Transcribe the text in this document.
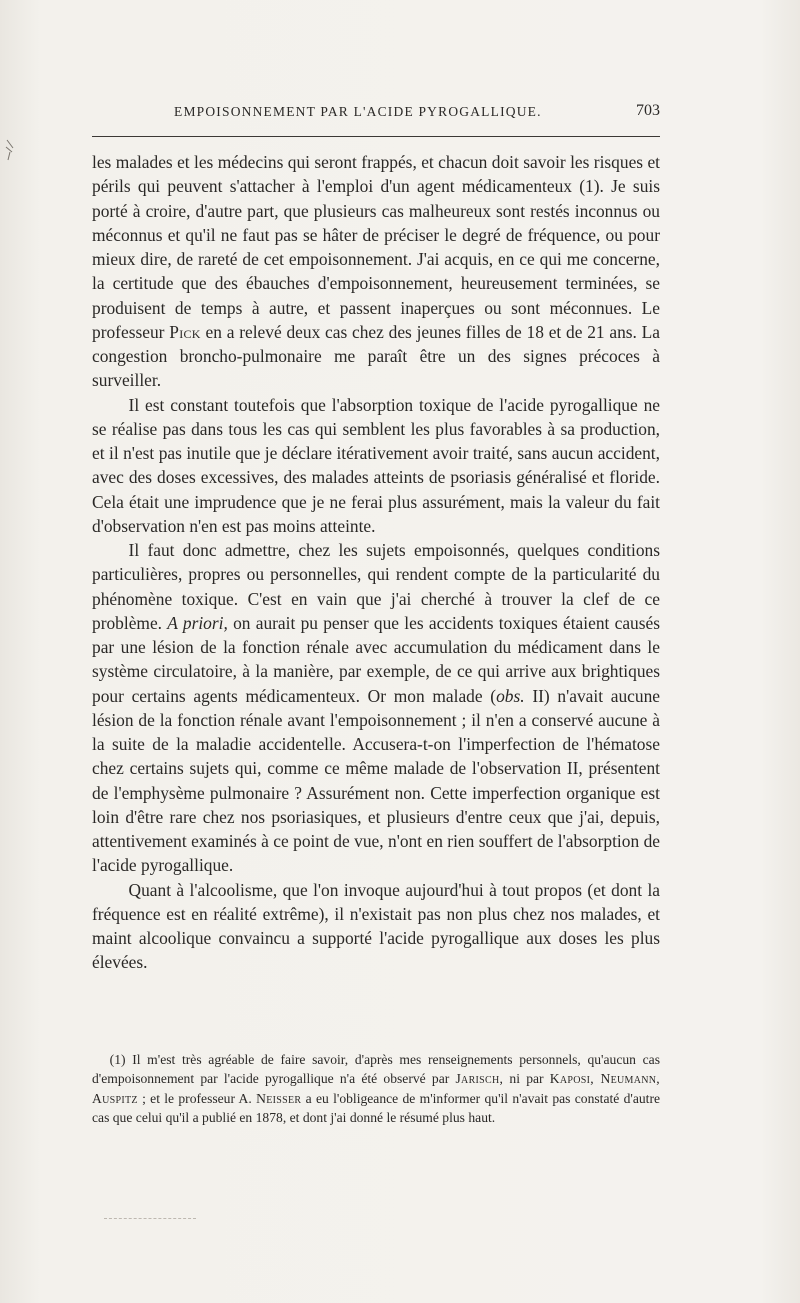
EMPOISONNEMENT PAR L'ACIDE PYROGALLIQUE.	703

les malades et les médecins qui seront frappés, et chacun doit savoir les risques et périls qui peuvent s'attacher à l'emploi d'un agent médicamenteux (1). Je suis porté à croire, d'autre part, que plusieurs cas malheureux sont restés inconnus ou méconnus et qu'il ne faut pas se hâter de préciser le degré de fréquence, ou pour mieux dire, de rareté de cet empoisonnement. J'ai acquis, en ce qui me concerne, la certitude que des ébauches d'empoisonnement, heureusement terminées, se produisent de temps à autre, et passent inaperçues ou sont méconnues. Le professeur Pick en a relevé deux cas chez des jeunes filles de 18 et de 21 ans. La congestion broncho-pulmonaire me paraît être un des signes précoces à surveiller.

Il est constant toutefois que l'absorption toxique de l'acide pyrogallique ne se réalise pas dans tous les cas qui semblent les plus favorables à sa production, et il n'est pas inutile que je déclare itérativement avoir traité, sans aucun accident, avec des doses excessives, des malades atteints de psoriasis généralisé et floride. Cela était une imprudence que je ne ferai plus assurément, mais la valeur du fait d'observation n'en est pas moins atteinte.

Il faut donc admettre, chez les sujets empoisonnés, quelques conditions particulières, propres ou personnelles, qui rendent compte de la particularité du phénomène toxique. C'est en vain que j'ai cherché à trouver la clef de ce problème. A priori, on aurait pu penser que les accidents toxiques étaient causés par une lésion de la fonction rénale avec accumulation du médicament dans le système circulatoire, à la manière, par exemple, de ce qui arrive aux brightiques pour certains agents médicamenteux. Or mon malade (obs. II) n'avait aucune lésion de la fonction rénale avant l'empoisonnement ; il n'en a conservé aucune à la suite de la maladie accidentelle. Accusera-t-on l'imperfection de l'hématose chez certains sujets qui, comme ce même malade de l'observation II, présentent de l'emphysème pulmonaire ? Assurément non. Cette imperfection organique est loin d'être rare chez nos psoriasiques, et plusieurs d'entre ceux que j'ai, depuis, attentivement examinés à ce point de vue, n'ont en rien souffert de l'absorption de l'acide pyrogallique.

Quant à l'alcoolisme, que l'on invoque aujourd'hui à tout propos (et dont la fréquence est en réalité extrême), il n'existait pas non plus chez nos malades, et maint alcoolique convaincu a supporté l'acide pyrogallique aux doses les plus élevées.

(1) Il m'est très agréable de faire savoir, d'après mes renseignements personnels, qu'aucun cas d'empoisonnement par l'acide pyrogallique n'a été observé par Jarisch, ni par Kaposi, Neumann, Auspitz ; et le professeur A. Neisser a eu l'obligeance de m'informer qu'il n'avait pas constaté d'autre cas que celui qu'il a publié en 1878, et dont j'ai donné le résumé plus haut.
